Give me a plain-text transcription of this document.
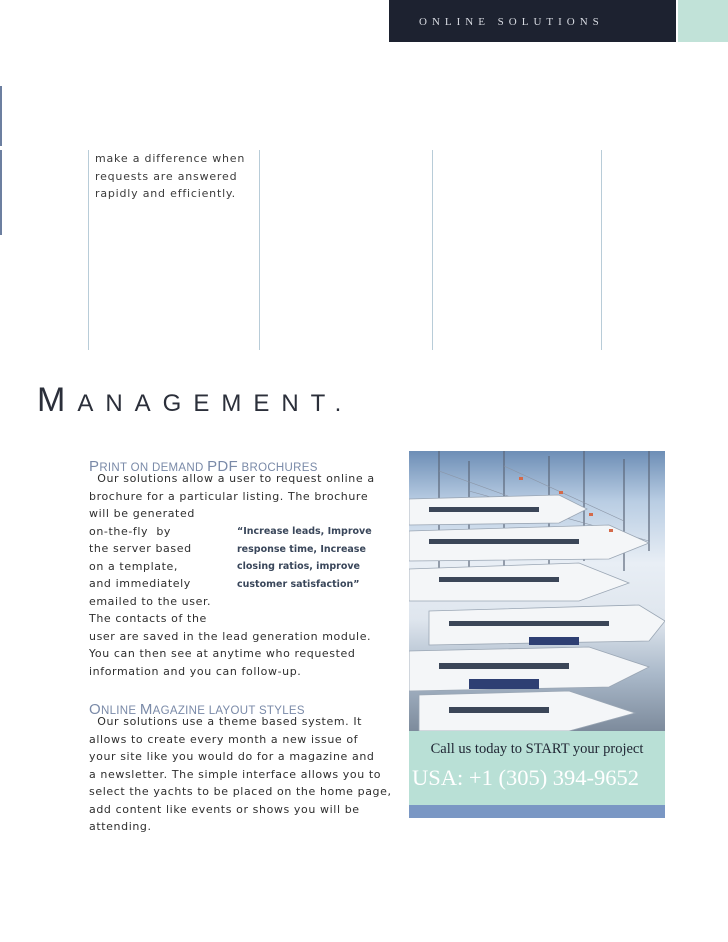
ONLINE SOLUTIONS
make a difference when
requests are answered
rapidly and efficiently.
MANAGEMENT.
PRINT ON DEMAND PDF BROCHURES
Our solutions allow a user to request online a
brochure for a particular listing. The brochure
will be generated
on-the-fly  by
the server based
on a template,
and immediately
emailed to the user.
The contacts of the
user are saved in the lead generation module.
You can then see at anytime who requested
information and you can follow-up.
“Increase leads, Improve
response time, Increase
closing ratios, improve
customer satisfaction”
ONLINE MAGAZINE LAYOUT STYLES
Our solutions use a theme based system. It
allows to create every month a new issue of
your site like you would do for a magazine and
a newsletter. The simple interface allows you to
select the yachts to be placed on the home page,
add content like events or shows you will be
attending.
Call us today to START your project
USA: +1 (305) 394-9652
